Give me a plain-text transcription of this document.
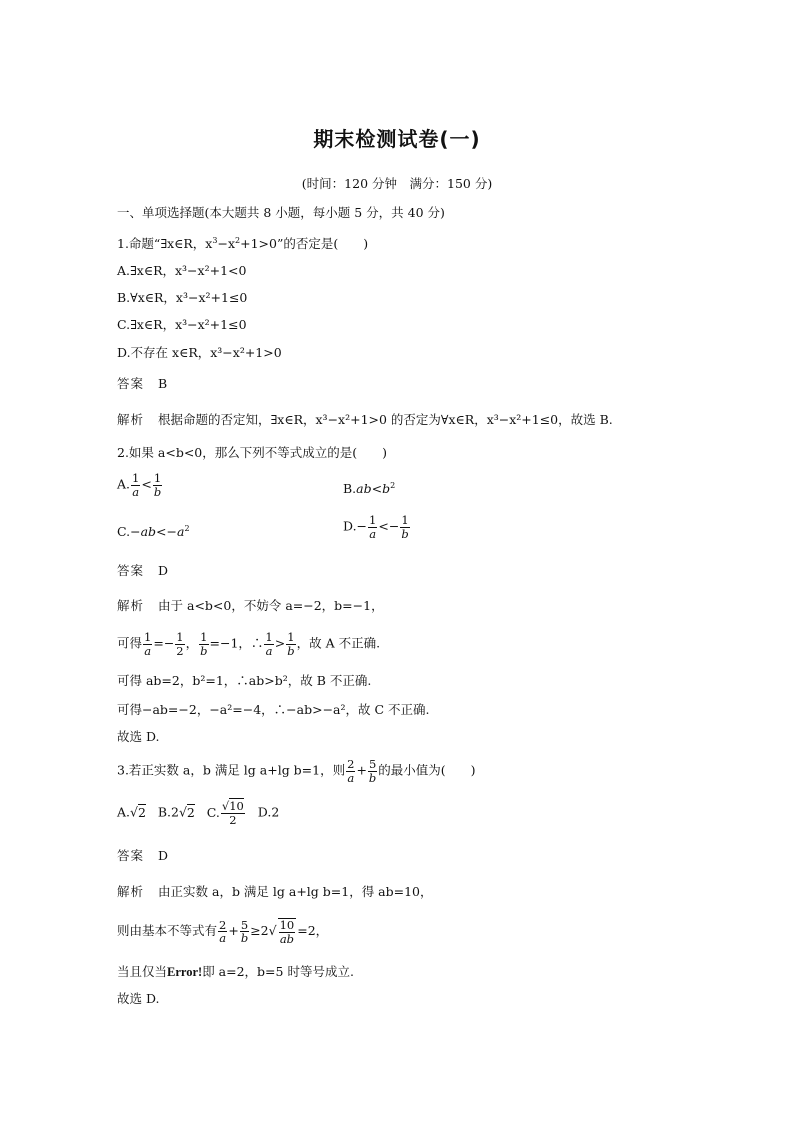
期末检测试卷(一)
(时间：120 分钟　满分：150 分)
一、单项选择题(本大题共 8 小题，每小题 5 分，共 40 分)
1.命题“∃x∈R，$x^3-x^2+1>0$”的否定是(　　)
A.∃x∈R，x³−x²+1<0
B.∀x∈R，x³−x²+1≤0
C.∃x∈R，x³−x²+1≤0
D.不存在 x∈R，x³−x²+1>0
答案 B
解析 根据命题的否定知，∃x∈R，x³−x²+1>0 的否定为∀x∈R，x³−x²+1≤0，故选 B.
2.如果 a<b<0，那么下列不等式成立的是(　　)
A. $\frac{1}{a} < \frac{1}{b}$	$B.ab<b^2$
$C.-ab<-a^2$	$D.- \frac{1}{a} <- \frac{1}{b}$
答案 D
解析 由于 a<b<0，不妨令 a=−2，b=−1，
可得 $\frac{1}{a} =- \frac{1}{2}$ ， $\frac{1}{b} =-1$，∴ $\frac{1}{a} > \frac{1}{b}$ ，故 A 不正确.
可得 ab=2，b²=1，∴ab>b²，故 B 不正确.
可得−ab=−2，−a²=−4，∴−ab>−a²，故 C 不正确.
故选 D.
3.若正实数 a，b 满足 lg a+lg b=1，则 $\frac{2}{a} + \frac{5}{b}$ 的最小值为(　　)
A.√2 B.2√2 C. $\frac{√10}{2} D.2$
答案 D
解析 由正实数 a，b 满足 lg a+lg b=1，得 ab=10，
则由基本不等式有 $\frac{2}{a} + \frac{5}{b} \ge 2√ \frac{10}{ab} =2$，
当且仅当Error!即 a=2，b=5 时等号成立.
故选 D.
